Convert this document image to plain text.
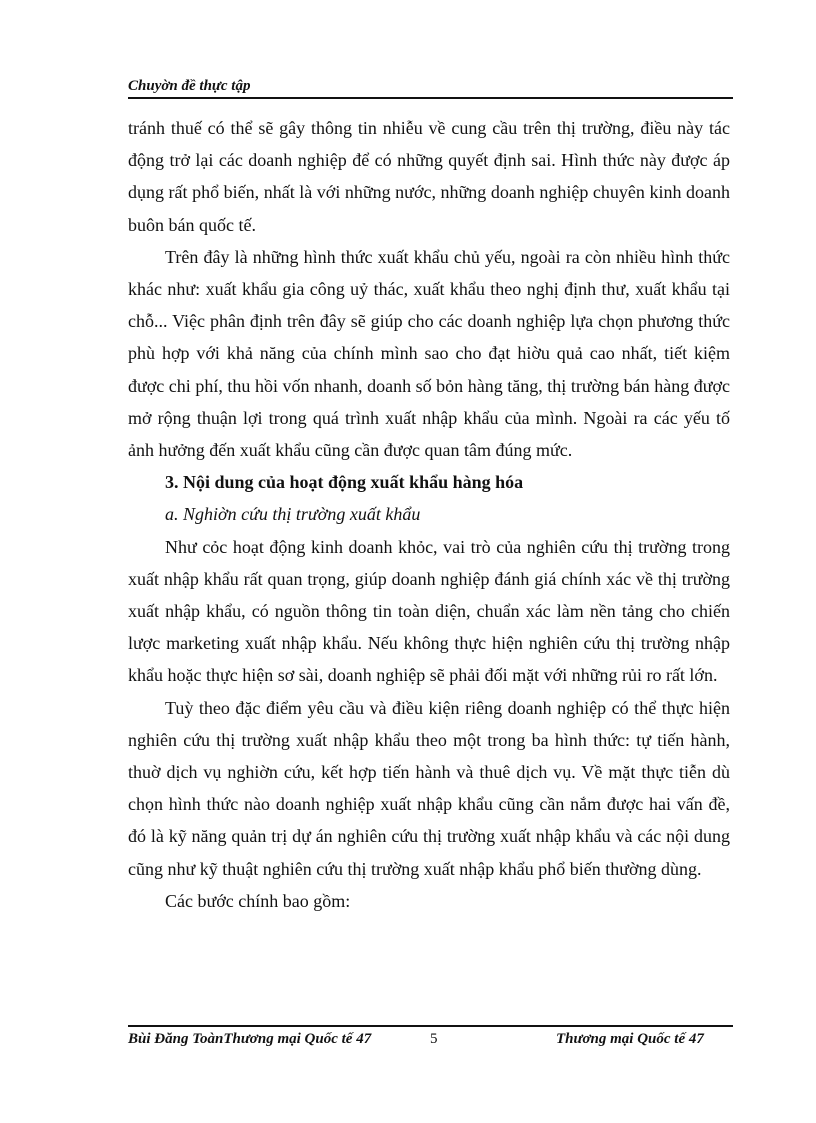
Chuyờn đề thực tập

tránh thuế có thể sẽ gây thông tin nhiễu về cung cầu trên thị trường, điều này tác động trở lại các doanh nghiệp để có những quyết định sai. Hình thức này được áp dụng rất phổ biến, nhất là với những nước, những doanh nghiệp chuyên kinh doanh buôn bán quốc tế.

Trên đây là những hình thức xuất khẩu chủ yếu, ngoài ra còn nhiều hình thức khác như: xuất khẩu gia công uỷ thác, xuất khẩu theo nghị định thư, xuất khẩu tại chỗ... Việc phân định trên đây sẽ giúp cho các doanh nghiệp lựa chọn phương thức phù hợp với khả năng của chính mình sao cho đạt hiờu quả cao nhất, tiết kiệm được chi phí, thu hồi vốn nhanh, doanh số bỏn hàng tăng, thị trường bán hàng được mở rộng thuận lợi trong quá trình xuất nhập khẩu của mình. Ngoài ra các yếu tố ảnh hưởng đến xuất khẩu cũng cần được quan tâm đúng mức.

3. Nội dung của hoạt động xuất khẩu hàng hóa

a. Nghiờn cứu thị trường xuất khẩu

Như cỏc hoạt động kinh doanh khỏc, vai trò của nghiên cứu thị trường trong xuất nhập khẩu rất quan trọng, giúp doanh nghiệp đánh giá chính xác về thị trường xuất nhập khẩu, có nguồn thông tin toàn diện, chuẩn xác làm nền tảng cho chiến lược marketing xuất nhập khẩu. Nếu không thực hiện nghiên cứu thị trường nhập khẩu hoặc thực hiện sơ sài, doanh nghiệp sẽ phải đối mặt với những rủi ro rất lớn.

Tuỳ theo đặc điểm yêu cầu và điều kiện riêng doanh nghiệp có thể thực hiện nghiên cứu thị trường xuất nhập khẩu theo một trong ba hình thức: tự tiến hành, thuờ dịch vụ nghiờn cứu, kết hợp tiến hành và thuê dịch vụ. Về mặt thực tiễn dù chọn hình thức nào doanh nghiệp xuất nhập khẩu cũng cần nắm được hai vấn đề, đó là kỹ năng quản trị dự án nghiên cứu thị trường xuất nhập khẩu và các nội dung cũng như kỹ thuật nghiên cứu thị trường xuất nhập khẩu phổ biến thường dùng.

Các bước chính bao gồm:

Bùi Đăng ToànThương mại Quốc tế 47	5	Thương mại Quốc tế 47
